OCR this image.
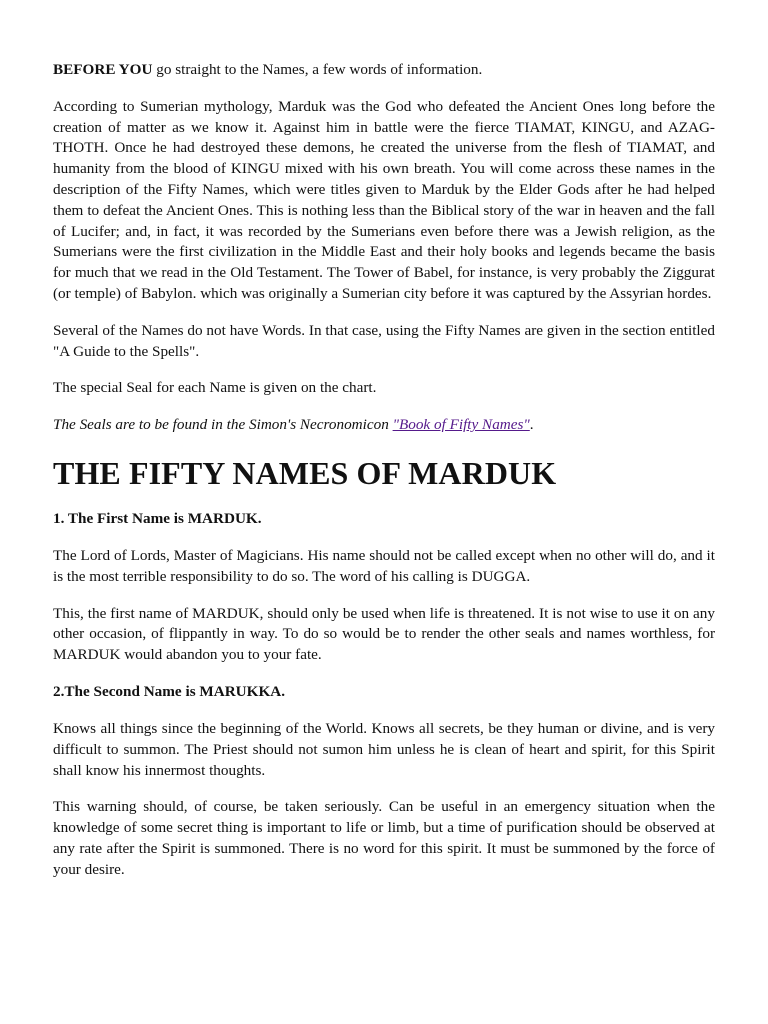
BEFORE YOU go straight to the Names, a few words of information.

According to Sumerian mythology, Marduk was the God who defeated the Ancient Ones long before the creation of matter as we know it. Against him in battle were the fierce TIAMAT, KINGU, and AZAG-THOTH. Once he had destroyed these demons, he created the universe from the flesh of TIAMAT, and humanity from the blood of KINGU mixed with his own breath. You will come across these names in the description of the Fifty Names, which were titles given to Marduk by the Elder Gods after he had helped them to defeat the Ancient Ones. This is nothing less than the Biblical story of the war in heaven and the fall of Lucifer; and, in fact, it was recorded by the Sumerians even before there was a Jewish religion, as the Sumerians were the first civilization in the Middle East and their holy books and legends became the basis for much that we read in the Old Testament. The Tower of Babel, for instance, is very probably the Ziggurat (or temple) of Babylon. which was originally a Sumerian city before it was captured by the Assyrian hordes.

Several of the Names do not have Words. In that case, using the Fifty Names are given in the section entitled "A Guide to the Spells".

The special Seal for each Name is given on the chart.

The Seals are to be found in the Simon's Necronomicon "Book of Fifty Names".

THE FIFTY NAMES OF MARDUK
1. The First Name is MARDUK.

The Lord of Lords, Master of Magicians. His name should not be called except when no other will do, and it is the most terrible responsibility to do so. The word of his calling is DUGGA.

This, the first name of MARDUK, should only be used when life is threatened. It is not wise to use it on any other occasion, of flippantly in way. To do so would be to render the other seals and names worthless, for MARDUK would abandon you to your fate.

2.The Second Name is MARUKKA.

Knows all things since the beginning of the World. Knows all secrets, be they human or divine, and is very difficult to summon. The Priest should not sumon him unless he is clean of heart and spirit, for this Spirit shall know his innermost thoughts.

This warning should, of course, be taken seriously. Can be useful in an emergency situation when the knowledge of some secret thing is important to life or limb, but a time of purification should be observed at any rate after the Spirit is summoned. There is no word for this spirit. It must be summoned by the force of your desire.
